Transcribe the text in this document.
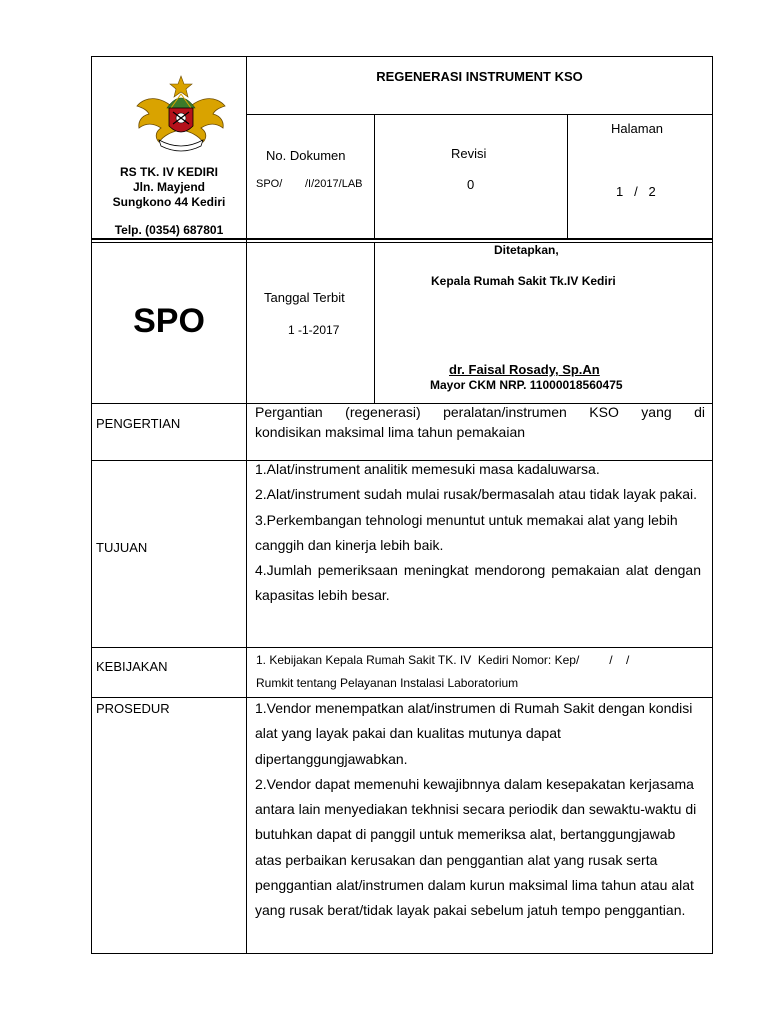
RS TK. IV KEDIRI
Jln. Mayjend
Sungkono 44 Kediri
Telp. (0354) 687801
REGENERASI INSTRUMENT KSO
No. Dokumen
SPO/ /I/2017/LAB
Revisi
0
Halaman
1   /   2
SPO
Tanggal Terbit
1 -1-2017
Ditetapkan,
Kepala Rumah Sakit Tk.IV Kediri
dr. Faisal Rosady, Sp.An
Mayor CKM NRP. 11000018560475
PENGERTIAN
Pergantian (regenerasi) peralatan/instrumen KSO yang di
kondisikan maksimal lima tahun pemakaian
TUJUAN

1.Alat/instrument analitik memesuki masa kadaluwarsa.

2.Alat/instrument sudah mulai rusak/bermasalah atau tidak layak pakai.

3.Perkembangan tehnologi menuntut untuk memakai alat yang lebih canggih dan kinerja lebih baik.

4.Jumlah pemeriksaan meningkat mendorong pemakaian alat dengan kapasitas lebih besar.

KEBIJAKAN	1. Kebijakan Kepala Rumah Sakit TK. IV  Kediri Nomor: Kep/         /    /
Rumkit tentang Pelayanan Instalasi Laboratorium
PROSEDUR	1.Vendor menempatkan alat/instrumen di Rumah Sakit dengan kondisi alat yang layak pakai dan kualitas mutunya dapat dipertanggungjawabkan.

2.Vendor dapat memenuhi kewajibnnya dalam kesepakatan kerjasama antara lain menyediakan tekhnisi secara periodik dan sewaktu-waktu di butuhkan dapat di panggil untuk memeriksa alat, bertanggungjawab atas perbaikan kerusakan dan penggantian alat yang rusak serta penggantian alat/instrumen dalam kurun maksimal lima tahun atau alat yang rusak berat/tidak layak pakai sebelum jatuh tempo penggantian.
